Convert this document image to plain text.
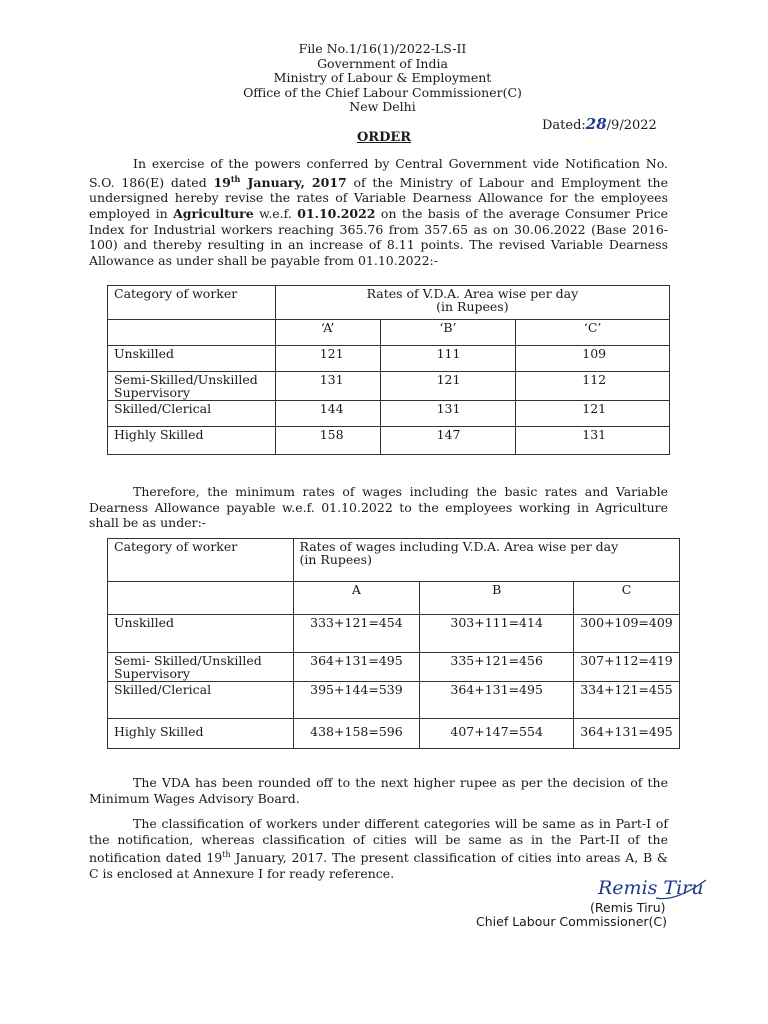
File No.1/16(1)/2022-LS-II
Government of India
Ministry of Labour & Employment
Office of the Chief Labour Commissioner(C)
New Delhi
Dated:28/9/2022
ORDER

In exercise of the powers conferred by Central Government vide Notification No. S.O. 186(E) dated 19th January, 2017 of the Ministry of Labour and Employment the undersigned hereby revise the rates of Variable Dearness Allowance for the employees employed in Agriculture w.e.f. 01.10.2022 on the basis of the average Consumer Price Index for Industrial workers reaching 365.76 from 357.65 as on 30.06.2022 (Base 2016-100) and thereby resulting in an increase of 8.11 points. The revised Variable Dearness Allowance as under shall be payable from 01.10.2022:-

Category of worker	Rates of V.D.A. Area wise per day
(in Rupees)		
	‘A’	‘B’	‘C’
Unskilled	121	111	109
Semi-Skilled/Unskilled Supervisory	131	121	112
Skilled/Clerical	144	131	121
Highly Skilled	158	147	131

Therefore, the minimum rates of wages including the basic rates and Variable Dearness Allowance payable w.e.f. 01.10.2022 to the employees working in Agriculture shall be as under:-

Category of worker	Rates of wages including V.D.A. Area wise per day
(in Rupees)		
	A	B	C
Unskilled	333+121=454	303+111=414	300+109=409
Semi- Skilled/Unskilled Supervisory	364+131=495	335+121=456	307+112=419
Skilled/Clerical	395+144=539	364+131=495	334+121=455
Highly Skilled	438+158=596	407+147=554	364+131=495

The VDA has been rounded off to the next higher rupee as per the decision of the Minimum Wages Advisory Board.

The classification of workers under different categories will be same as in Part-I of the notification, whereas classification of cities will be same as in the Part-II of the notification dated 19th January, 2017. The present classification of cities into areas A, B & C is enclosed at Annexure I for ready reference.

Remis Tiru
(Remis Tiru)
Chief Labour Commissioner(C)
